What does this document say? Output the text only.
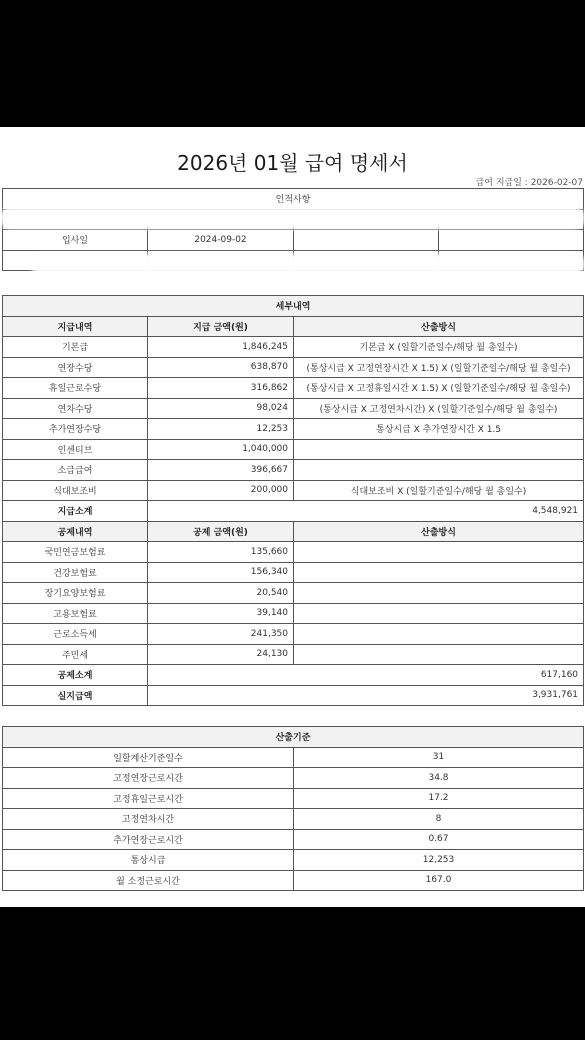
2026년 01월 급여 명세서
급여 지급일 : 2026-02-07
인적사항			

입사일	2024-09-02		

세부내역		
지급내역	지급 금액(원)	산출방식
기본급	1,846,245	기본급 X (일할기준일수/해당 월 총일수)
연장수당	638,870	(통상시급 X 고정연장시간 X 1.5) X (일할기준일수/해당 월 총일수)
휴일근로수당	316,862	(통상시급 X 고정휴일시간 X 1.5) X (일할기준일수/해당 월 총일수)
연차수당	98,024	(통상시급 X 고정연차시간) X (일할기준일수/해당 월 총일수)
추가연장수당	12,253	통상시급 X 추가연장시간 X 1.5
인센티브	1,040,000	
소급급여	396,667	
식대보조비	200,000	식대보조비 X (일할기준일수/해당 월 총일수)
지급소계	4,548,921	
공제내역	공제 금액(원)	산출방식
국민연금보험료	135,660	
건강보험료	156,340	
장기요양보험료	20,540	
고용보험료	39,140	
근로소득세	241,350	
주민세	24,130	
공제소계	617,160	
실지급액	3,931,761	
산출기준	
일할계산기준일수	31
고정연장근로시간	34.8
고정휴일근로시간	17.2
고정연차시간	8
추가연장근로시간	0.67
통상시급	12,253
월 소정근로시간	167.0
